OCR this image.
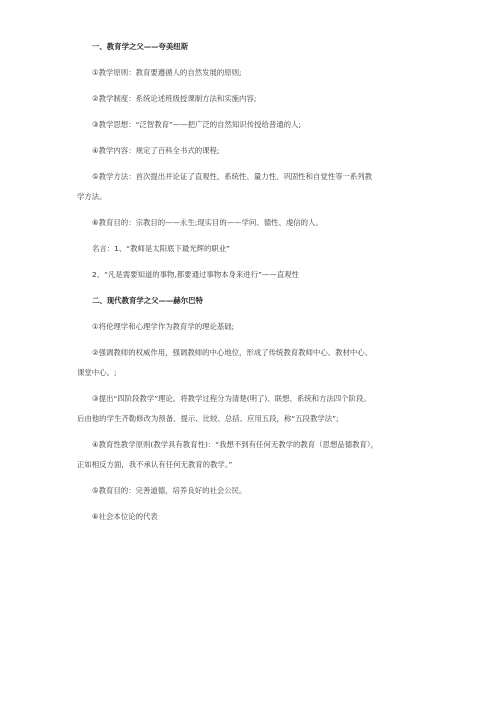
一、教育学之父——夸美纽斯
①教学原则：教育要遵循人的自然发展的原则;
②教学制度：系统论述班级授课制方法和实施内容;
③教学思想：“泛智教育”——把广泛的自然知识传授给普通的人;
④教学内容：规定了百科全书式的课程;
⑤教学方法：首次提出并论证了直观性、系统性、量力性、巩固性和自觉性等一系列教
学方法。
⑥教育目的：宗教目的——永生;现实目的——学问、德性、虔信的人。
名言：1、“教师是太阳底下最光辉的职业”
2、“凡是需要知道的事物,都要通过事物本身来进行”——直观性
二、现代教育学之父——赫尔巴特
①将伦理学和心理学作为教育学的理论基础;
②强调教师的权威作用，强调教师的中心地位，形成了传统教育教师中心、教材中心、
课堂中心。;
③提出“四阶段教学”理论。将教学过程分为清楚(明了)、联想、系统和方法四个阶段。
后由他的学生齐勒修改为预备、提示、比较、总括、应用五段，称“五段教学法”;
④教育性教学原则(教学具有教育性)：“我想不到有任何无教学的教育（思想品德教育），
正如相反方面，我不承认有任何无教育的教学。”
⑤教育目的：完善道德，培养良好的社会公民。
⑥社会本位论的代表
